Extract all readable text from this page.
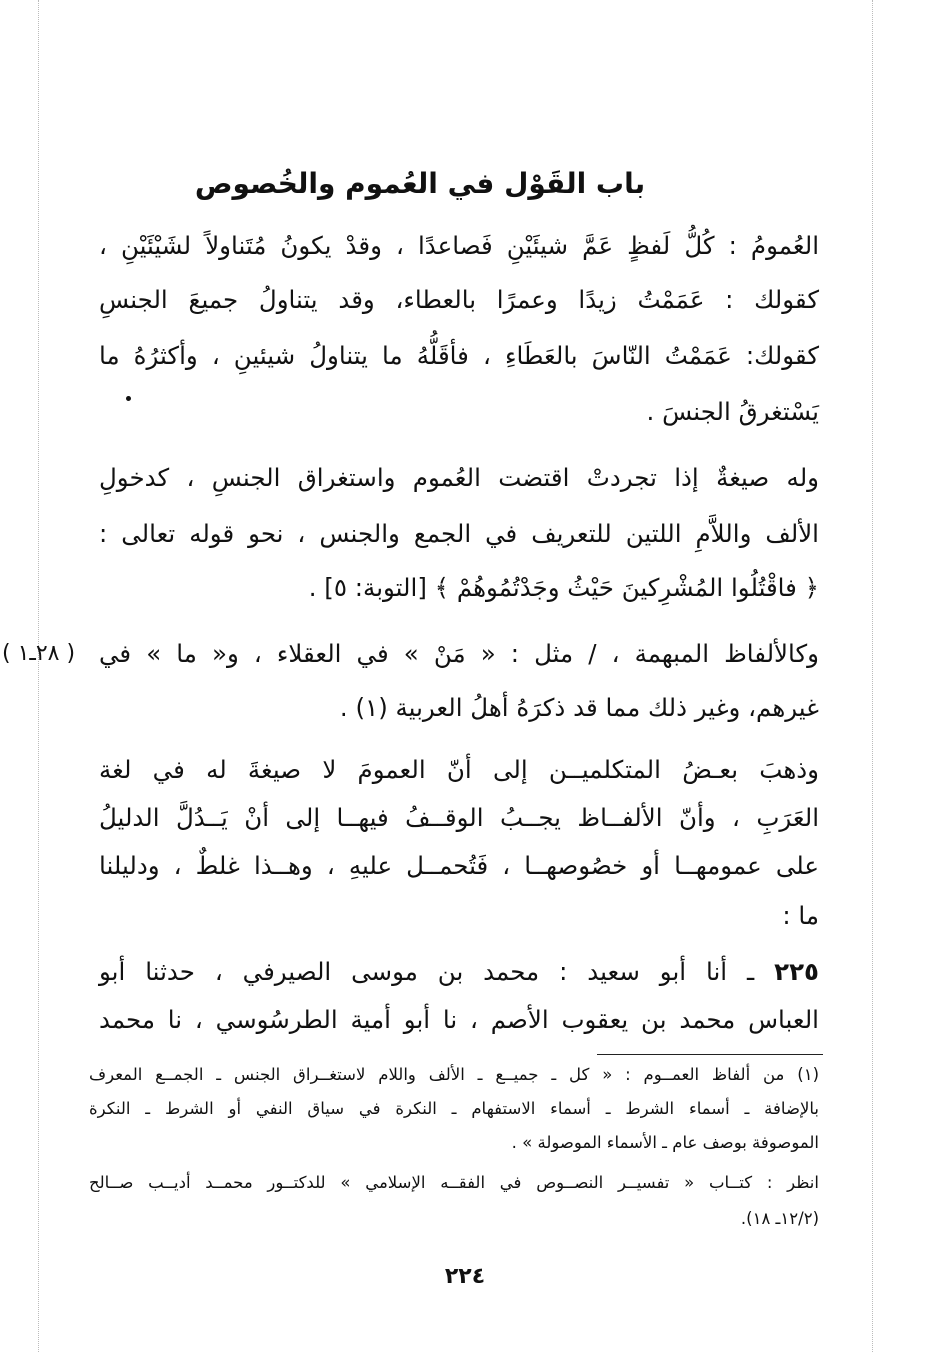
باب القَوْل في العُموم والخُصوص
العُمومُ : كُلُّ لَفظٍ عَمَّ شيئَيْنِ فَصاعدًا ، وقدْ يكونُ مُتَناولاً لشَيْئَيْنِ ،
كقولك : عَمَمْتُ زيدًا وعمرًا بالعطاء، وقد يتناولُ جميعَ الجنسِ
كقولك: عَمَمْتُ النّاسَ بالعَطَاءِ ، فأقَلُّهُ ما يتناولُ شيئينِ ، وأكثرُهُ ما
يَسْتغرقُ الجنسَ .
وله صيغةٌ إذا تجردتْ اقتضت العُموم واستغراق الجنسِ ، كدخولِ
الألف واللاَّمِ اللتين للتعريف في الجمع والجنس ، نحو قوله تعالى :
﴿ فاقْتُلُوا المُشْرِكينَ حَيْثُ وجَدْتُمُوهُمْ ﴾ [التوبة: ٥] .
وكالألفاظ المبهمة ، / مثل : « مَنْ » في العقلاء ، و« ما » في
( ٢٨ـ١ )
غيرهم، وغير ذلك مما قد ذكرَهُ أهلُ العربية (١) .
وذهبَ بعـضُ المتكلميــن إلى أنّ العمومَ لا صيغةَ له في لغة
العَرَبِ ، وأنّ الألفــاظ يجــبُ الوقــفُ فيهــا إلى أنْ يَــدُلَّ الدليلُ
على عمومهــا أو خصُوصهــا ، فَتُحمــل عليهِ ، وهــذا غلطٌ ، ودليلنا
ما :
٢٢٥ ـ أنا أبو سعيد : محمد بن موسى الصيرفي ، حدثنا أبو
العباس محمد بن يعقوب الأصم ، نا أبو أمية الطرسُوسي ، نا محمد
(١) من ألفاظ العمــوم : « كل ـ جميــع ـ الألف واللام لاستغــراق الجنس ـ الجمــع المعرف
بالإضافة ـ أسماء الشرط ـ أسماء الاستفهام ـ النكرة في سياق النفي أو الشرط ـ النكرة
الموصوفة بوصف عام ـ الأسماء الموصولة » .
انظر : كتــاب « تفسيــر النصــوص في الفقــه الإسلامي » للدكتــور محمــد أديــب صــالح
(١٢/٢ـ ١٨).
٢٢٤
